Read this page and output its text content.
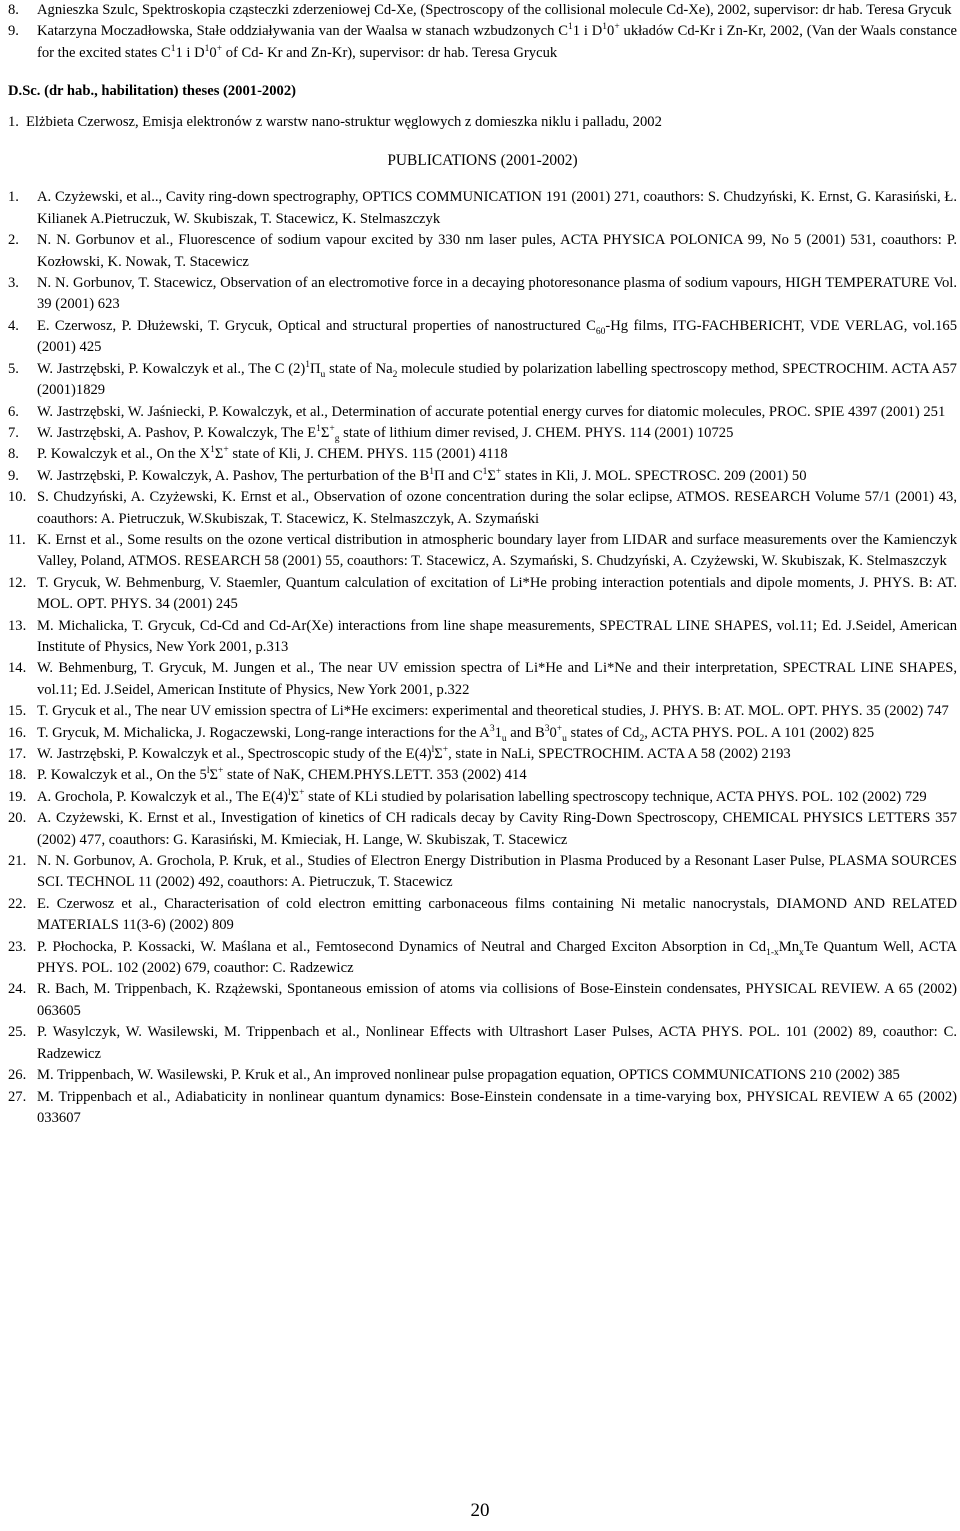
8. Agnieszka Szulc, Spektroskopia cząsteczki zderzeniowej Cd-Xe, (Spectroscopy of the collisional molecule Cd-Xe), 2002, supervisor: dr hab. Teresa Grycuk
9. Katarzyna Moczadłowska, Stałe oddziaływania van der Waalsa w stanach wzbudzonych $C^11$ i $D^10^+$ układów Cd-Kr i Zn-Kr, 2002, (Van der Waals constance for the excited states $C^11$ i $D^10^+$ of Cd- Kr and Zn-Kr), supervisor: dr hab. Teresa Grycuk
D.Sc. (dr hab., habilitation) theses (2001-2002)
1. Elżbieta Czerwosz, Emisja elektronów z warstw nano-struktur węglowych z domieszka niklu i palladu, 2002
PUBLICATIONS (2001-2002)
1. A. Czyżewski, et al.., Cavity ring-down spectrography, OPTICS COMMUNICATION 191 (2001) 271, coauthors: S. Chudzyński, K. Ernst, G. Karasiński, Ł. Kilianek A.Pietruczuk, W. Skubiszak, T. Stacewicz, K. Stelmaszczyk
2. N. N. Gorbunov et al., Fluorescence of sodium vapour excited by 330 nm laser pules, ACTA PHYSICA POLONICA 99, No 5 (2001) 531, coauthors: P. Kozłowski, K. Nowak, T. Stacewicz
3. N. N. Gorbunov, T. Stacewicz, Observation of an electromotive force in a decaying photoresonance plasma of sodium vapours, HIGH TEMPERATURE Vol. 39 (2001) 623
4. E. Czerwosz, P. Dłużewski, T. Grycuk, Optical and structural properties of nanostructured $C_{60}-Hg$ films, ITG-FACHBERICHT, VDE VERLAG, vol.165 (2001) 425
5. W. Jastrzębski, P. Kowalczyk et al., The C $(2)^1\Pi_u$ state of $Na_2$ molecule studied by polarization labelling spectroscopy method, SPECTROCHIM. ACTA A57 (2001)1829
6. W. Jastrzębski, W. Jaśniecki, P. Kowalczyk, et al., Determination of accurate potential energy curves for diatomic molecules, PROC. SPIE 4397 (2001) 251
7. W. Jastrzębski, A. Pashov, P. Kowalczyk, The $E^1\Sigma^+_g$ state of lithium dimer revised, J. CHEM. PHYS. 114 (2001) 10725
8. P. Kowalczyk et al., On the $X^1\Sigma^+$ state of Kli, J. CHEM. PHYS. 115 (2001) 4118
9. W. Jastrzębski, P. Kowalczyk, A. Pashov, The perturbation of the $B^1\Pi$ and $C^1\Sigma^+$ states in Kli, J. MOL. SPECTROSC. 209 (2001) 50
10. S. Chudzyński, A. Czyżewski, K. Ernst et al., Observation of ozone concentration during the solar eclipse, ATMOS. RESEARCH Volume 57/1 (2001) 43, coauthors: A. Pietruczuk, W.Skubiszak, T. Stacewicz, K. Stelmaszczyk, A. Szymański
11. K. Ernst et al., Some results on the ozone vertical distribution in atmospheric boundary layer from LIDAR and surface measurements over the Kamienczyk Valley, Poland, ATMOS. RESEARCH 58 (2001) 55, coauthors: T. Stacewicz, A. Szymański, S. Chudzyński, A. Czyżewski, W. Skubiszak, K. Stelmaszczyk
12. T. Grycuk, W. Behmenburg, V. Staemler, Quantum calculation of excitation of Li*He probing interaction potentials and dipole moments, J. PHYS. B: AT. MOL. OPT. PHYS. 34 (2001) 245
13. M. Michalicka, T. Grycuk, Cd-Cd and Cd-Ar(Xe) interactions from line shape measurements, SPECTRAL LINE SHAPES, vol.11; Ed. J.Seidel, American Institute of Physics, New York 2001, p.313
14. W. Behmenburg, T. Grycuk, M. Jungen et al., The near UV emission spectra of Li*He and Li*Ne and their interpretation, SPECTRAL LINE SHAPES, vol.11; Ed. J.Seidel, American Institute of Physics, New York 2001, p.322
15. T. Grycuk et al., The near UV emission spectra of Li*He excimers: experimental and theoretical studies, J. PHYS. B: AT. MOL. OPT. PHYS. 35 (2002) 747
16. T. Grycuk, M. Michalicka, J. Rogaczewski, Long-range interactions for the $A^31_u$ and $B^30^+_u$ states of $Cd_2$, ACTA PHYS. POL. A 101 (2002) 825
17. W. Jastrzębski, P. Kowalczyk et al., Spectroscopic study of the $E(4)^l\Sigma^+$, state in NaLi, SPECTROCHIM. ACTA A 58 (2002) 2193
18. P. Kowalczyk et al., On the 5$^l$Σ+ state of NaK, CHEM.PHYS.LETT. 353 (2002) 414
19. A. Grochola, P. Kowalczyk et al., The $E(4)^l\Sigma^+$ state of KLi studied by polarisation labelling spectroscopy technique, ACTA PHYS. POL. 102 (2002) 729
20. A. Czyżewski, K. Ernst et al., Investigation of kinetics of CH radicals decay by Cavity Ring-Down Spectroscopy, CHEMICAL PHYSICS LETTERS 357 (2002) 477, coauthors: G. Karasiński, M. Kmieciak, H. Lange, W. Skubiszak, T. Stacewicz
21. N. N. Gorbunov, A. Grochola, P. Kruk, et al., Studies of Electron Energy Distribution in Plasma Produced by a Resonant Laser Pulse, PLASMA SOURCES SCI. TECHNOL 11 (2002) 492, coauthors: A. Pietruczuk, T. Stacewicz
22. E. Czerwosz et al., Characterisation of cold electron emitting carbonaceous films containing Ni metalic nanocrystals, DIAMOND AND RELATED MATERIALS 11(3-6) (2002) 809
23. P. Płochocka, P. Kossacki, W. Maślana et al., Femtosecond Dynamics of Neutral and Charged Exciton Absorption in $Cd_{1-x}Mn_xTe$ Quantum Well, ACTA PHYS. POL. 102 (2002) 679, coauthor: C. Radzewicz
24. R. Bach, M. Trippenbach, K. Rzążewski, Spontaneous emission of atoms via collisions of Bose-Einstein condensates, PHYSICAL REVIEW. A 65 (2002) 063605
25. P. Wasylczyk, W. Wasilewski, M. Trippenbach et al., Nonlinear Effects with Ultrashort Laser Pulses, ACTA PHYS. POL. 101 (2002) 89, coauthor: C. Radzewicz
26. M. Trippenbach, W. Wasilewski, P. Kruk et al., An improved nonlinear pulse propagation equation, OPTICS COMMUNICATIONS 210 (2002) 385
27. M. Trippenbach et al., Adiabaticity in nonlinear quantum dynamics: Bose-Einstein condensate in a time-varying box, PHYSICAL REVIEW A 65 (2002) 033607
20
